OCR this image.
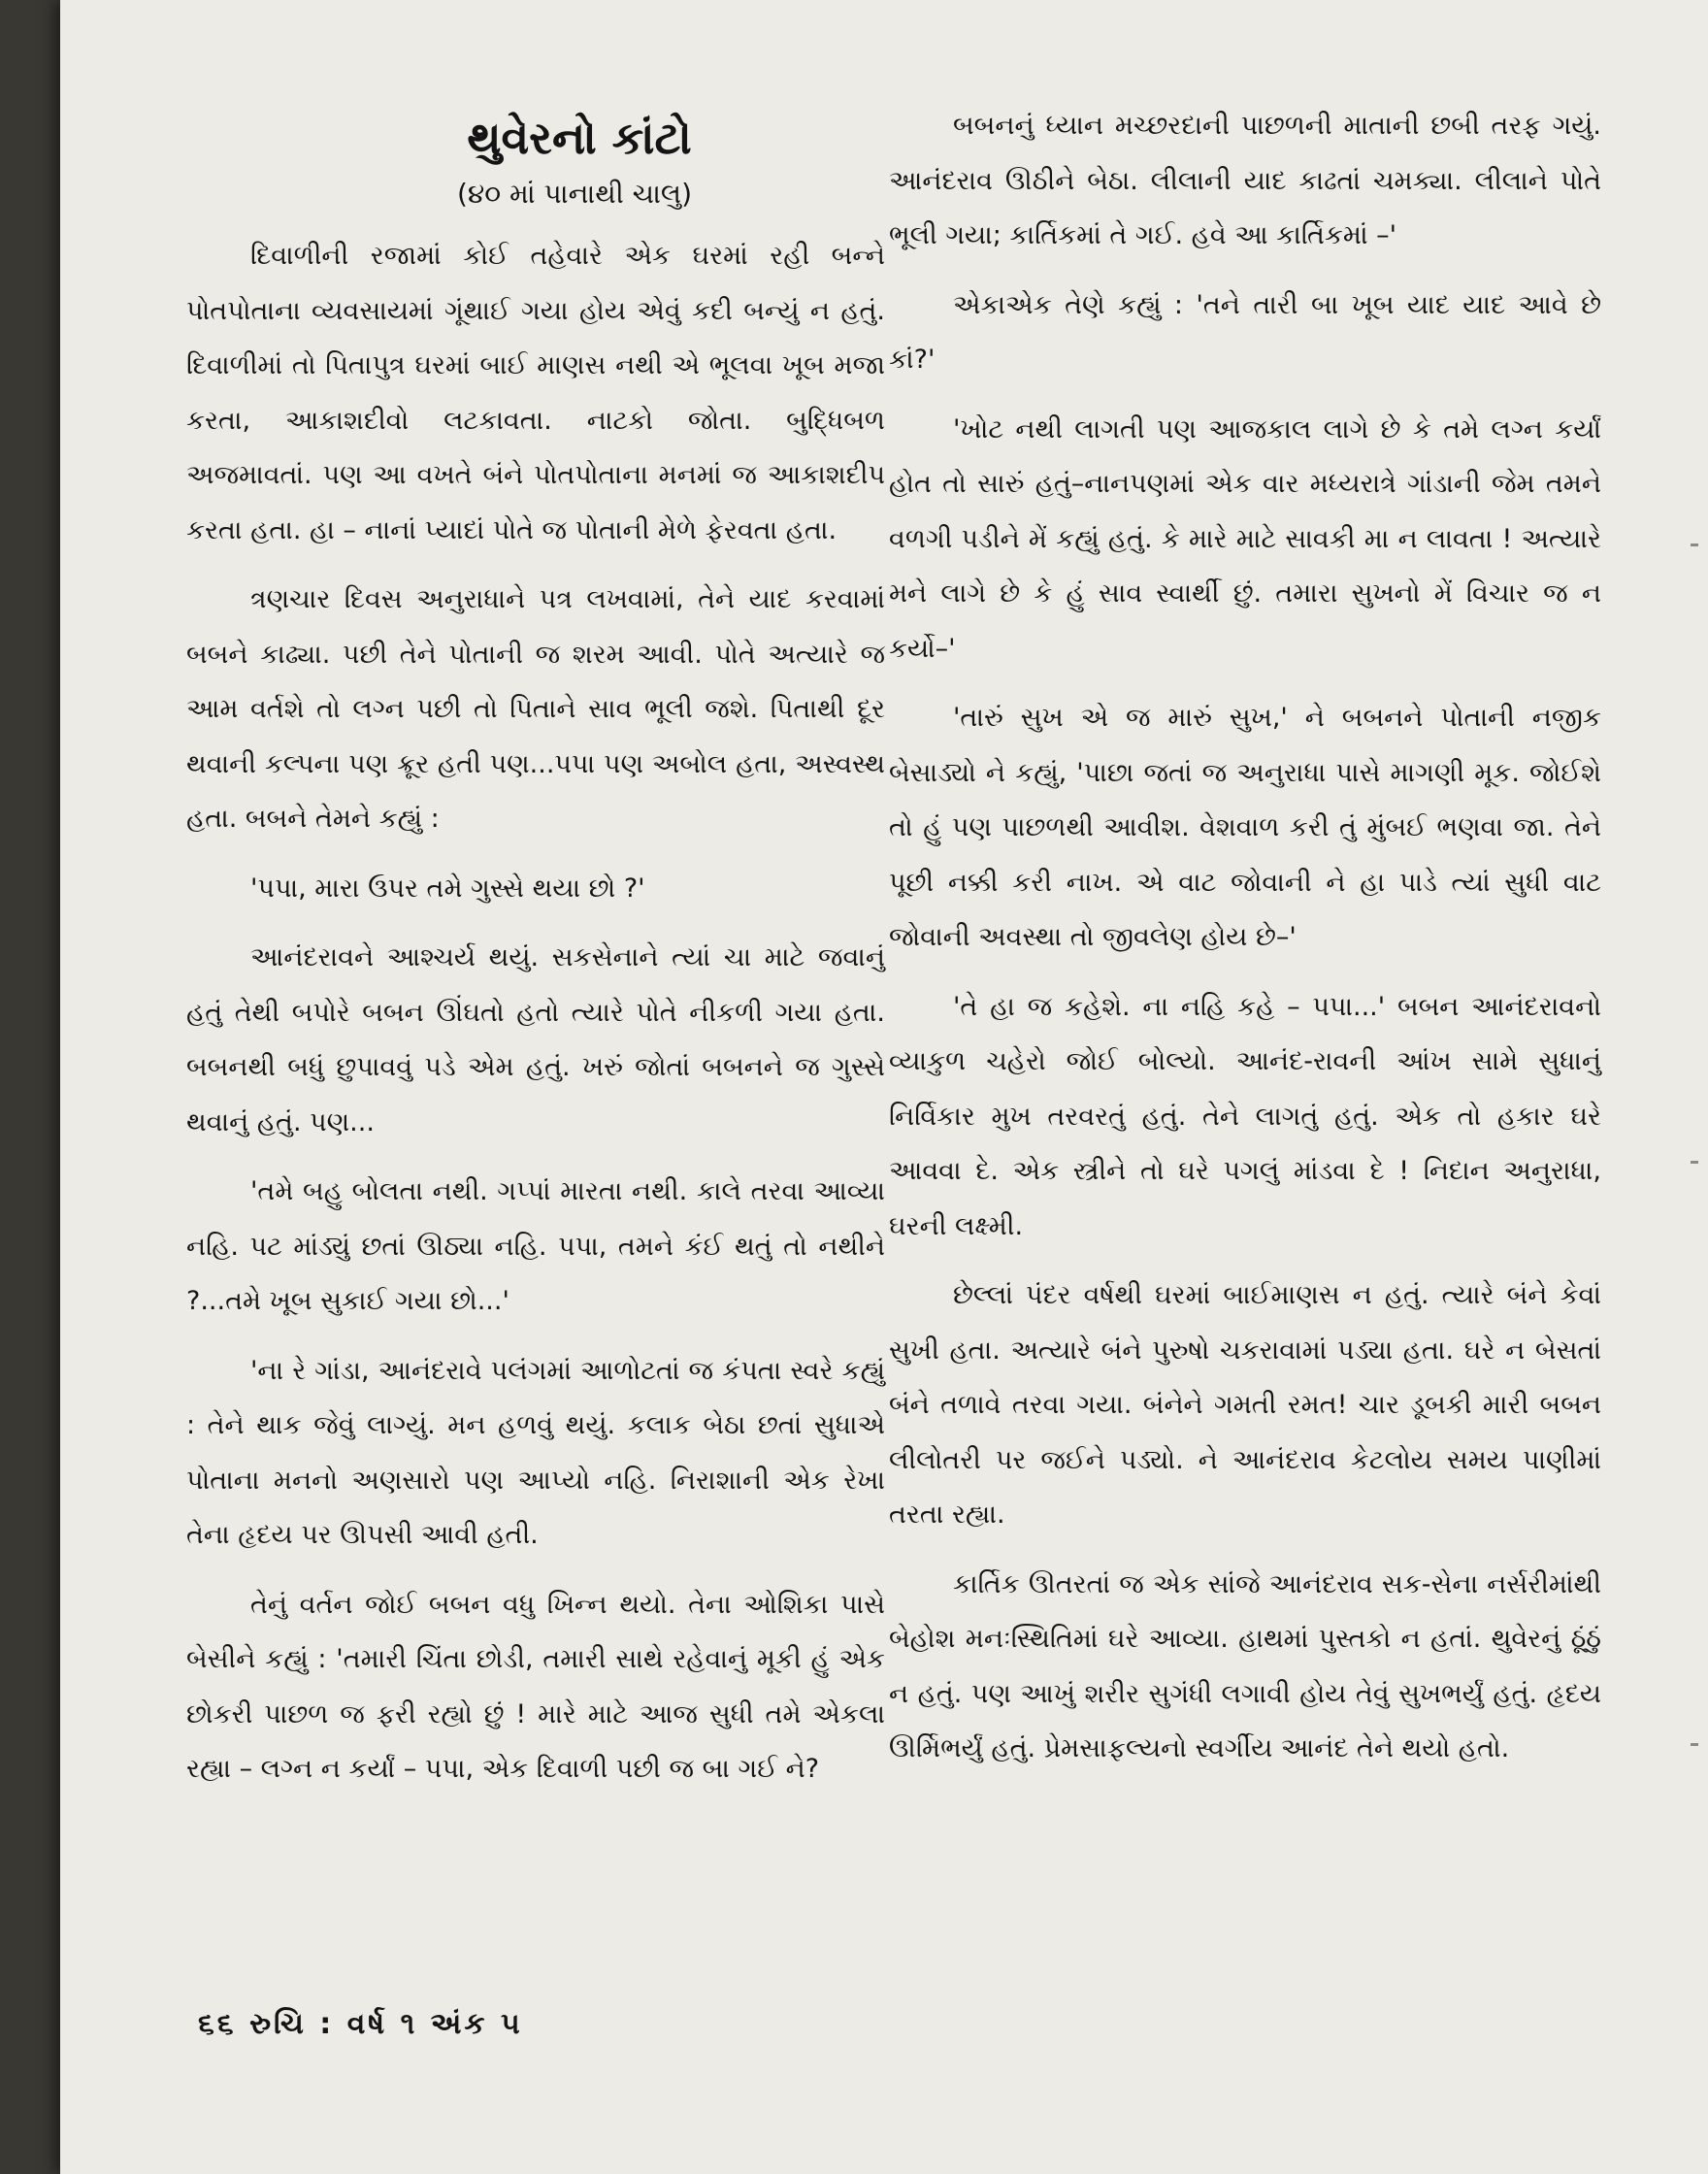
થુવેરનો કાંટો
(૪૦ માં પાનાથી ચાલુ)

દિવાળીની રજામાં કોઈ તહેવારે એક ઘરમાં રહી બન્ને પોતપોતાના વ્યવસાયમાં ગૂંથાઈ ગયા હોય એવું કદી બન્યું ન હતું. દિવાળીમાં તો પિતાપુત્ર ઘરમાં બાઈ માણસ નથી એ ભૂલવા ખૂબ મજા કરતા, આકાશદીવો લટકાવતા. નાટકો જોતા. બુદ્ધિબળ અજમાવતાં. પણ આ વખતે બંને પોતપોતાના મનમાં જ આકાશદીપ કરતા હતા. હા – નાનાં પ્યાદાં પોતે જ પોતાની મેળે ફેરવતા હતા.

ત્રણચાર દિવસ અનુરાધાને પત્ર લખવામાં, તેને યાદ કરવામાં બબને કાઢ્યા. પછી તેને પોતાની જ શરમ આવી. પોતે અત્યારે જ આમ વર્તશે તો લગ્ન પછી તો પિતાને સાવ ભૂલી જશે. પિતાથી દૂર થવાની કલ્પના પણ ક્રૂર હતી પણ...પપા પણ અબોલ હતા, અસ્વસ્થ હતા. બબને તેમને કહ્યું :

'પપા, મારા ઉપર તમે ગુસ્સે થયા છો ?'

આનંદરાવને આશ્ચર્ય થયું. સકસેનાને ત્યાં ચા માટે જવાનું હતું તેથી બપોરે બબન ઊંઘતો હતો ત્યારે પોતે નીકળી ગયા હતા. બબનથી બધું છુપાવવું પડે એમ હતું. ખરું જોતાં બબનને જ ગુસ્સે થવાનું હતું. પણ...

'તમે બહુ બોલતા નથી. ગપ્પાં મારતા નથી. કાલે તરવા આવ્યા નહિ. પટ માંડ્યું છતાં ઊઠ્યા નહિ. પપા, તમને કંઈ થતું તો નથીને ?...તમે ખૂબ સુકાઈ ગયા છો...'

'ના રે ગાંડા, આનંદરાવે પલંગમાં આળોટતાં જ કંપતા સ્વરે કહ્યું : તેને થાક જેવું લાગ્યું. મન હળવું થયું. કલાક બેઠા છતાં સુધાએ પોતાના મનનો અણસારો પણ આપ્યો નહિ. નિરાશાની એક રેખા તેના હૃદય પર ઊપસી આવી હતી.

તેનું વર્તન જોઈ બબન વધુ ખિન્ન થયો. તેના ઓશિકા પાસે બેસીને કહ્યું : 'તમારી ચિંતા છોડી, તમારી સાથે રહેવાનું મૂકી હું એક છોકરી પાછળ જ ફરી રહ્યો છું ! મારે માટે આજ સુધી તમે એકલા રહ્યા – લગ્ન ન કર્યાં – પપા, એક દિવાળી પછી જ બા ગઈ ને?

બબનનું ધ્યાન મચ્છરદાની પાછળની માતાની છબી તરફ ગયું. આનંદરાવ ઊઠીને બેઠા. લીલાની યાદ કાઢતાં ચમક્યા. લીલાને પોતે ભૂલી ગયા; કાર્તિકમાં તે ગઈ. હવે આ કાર્તિકમાં –'

એકાએક તેણે કહ્યું : 'તને તારી બા ખૂબ યાદ યાદ આવે છે કાં?'

'ખોટ નથી લાગતી પણ આજકાલ લાગે છે કે તમે લગ્ન કર્યાં હોત તો સારું હતું–નાનપણમાં એક વાર મધ્યરાત્રે ગાંડાની જેમ તમને વળગી પડીને મેં કહ્યું હતું. કે મારે માટે સાવકી મા ન લાવતા ! અત્યારે મને લાગે છે કે હું સાવ સ્વાર્થી છું. તમારા સુખનો મેં વિચાર જ ન કર્યો–'

'તારું સુખ એ જ મારું સુખ,' ને બબનને પોતાની નજીક બેસાડ્યો ને કહ્યું, 'પાછા જતાં જ અનુરાધા પાસે માગણી મૂક. જોઈશે તો હું પણ પાછળથી આવીશ. વેશવાળ કરી તું મુંબઈ ભણવા જા. તેને પૂછી નક્કી કરી નાખ. એ વાટ જોવાની ને હા પાડે ત્યાં સુધી વાટ જોવાની અવસ્થા તો જીવલેણ હોય છે–'

'તે હા જ કહેશે. ના નહિ કહે – પપા...' બબન આનંદરાવનો વ્યાકુળ ચહેરો જોઈ બોલ્યો. આનંદ-રાવની આંખ સામે સુધાનું નિર્વિકાર મુખ તરવરતું હતું. તેને લાગતું હતું. એક તો હકાર ઘરે આવવા દે. એક સ્ત્રીને તો ઘરે પગલું માંડવા દે ! નિદાન અનુરાધા, ઘરની લક્ષ્મી.

છેલ્લાં પંદર વર્ષથી ઘરમાં બાઈમાણસ ન હતું. ત્યારે બંને કેવાં સુખી હતા. અત્યારે બંને પુરુષો ચકરાવામાં પડ્યા હતા. ઘરે ન બેસતાં બંને તળાવે તરવા ગયા. બંનેને ગમતી રમત! ચાર ડૂબકી મારી બબન લીલોતરી પર જઈને પડ્યો. ને આનંદરાવ કેટલોય સમય પાણીમાં તરતા રહ્યા.

કાર્તિક ઊતરતાં જ એક સાંજે આનંદરાવ સક-સેના નર્સરીમાંથી બેહોશ મનઃસ્થિતિમાં ઘરે આવ્યા. હાથમાં પુસ્તકો ન હતાં. થુવેરનું ઠૂંઠું ન હતું. પણ આખું શરીર સુગંધી લગાવી હોય તેવું સુખભર્યું હતું. હૃદય ઊર્મિભર્યું હતું. પ્રેમસાફલ્યનો સ્વર્ગીય આનંદ તેને થયો હતો.

૬૬ રુચિ : વર્ષ ૧ અંક ૫
